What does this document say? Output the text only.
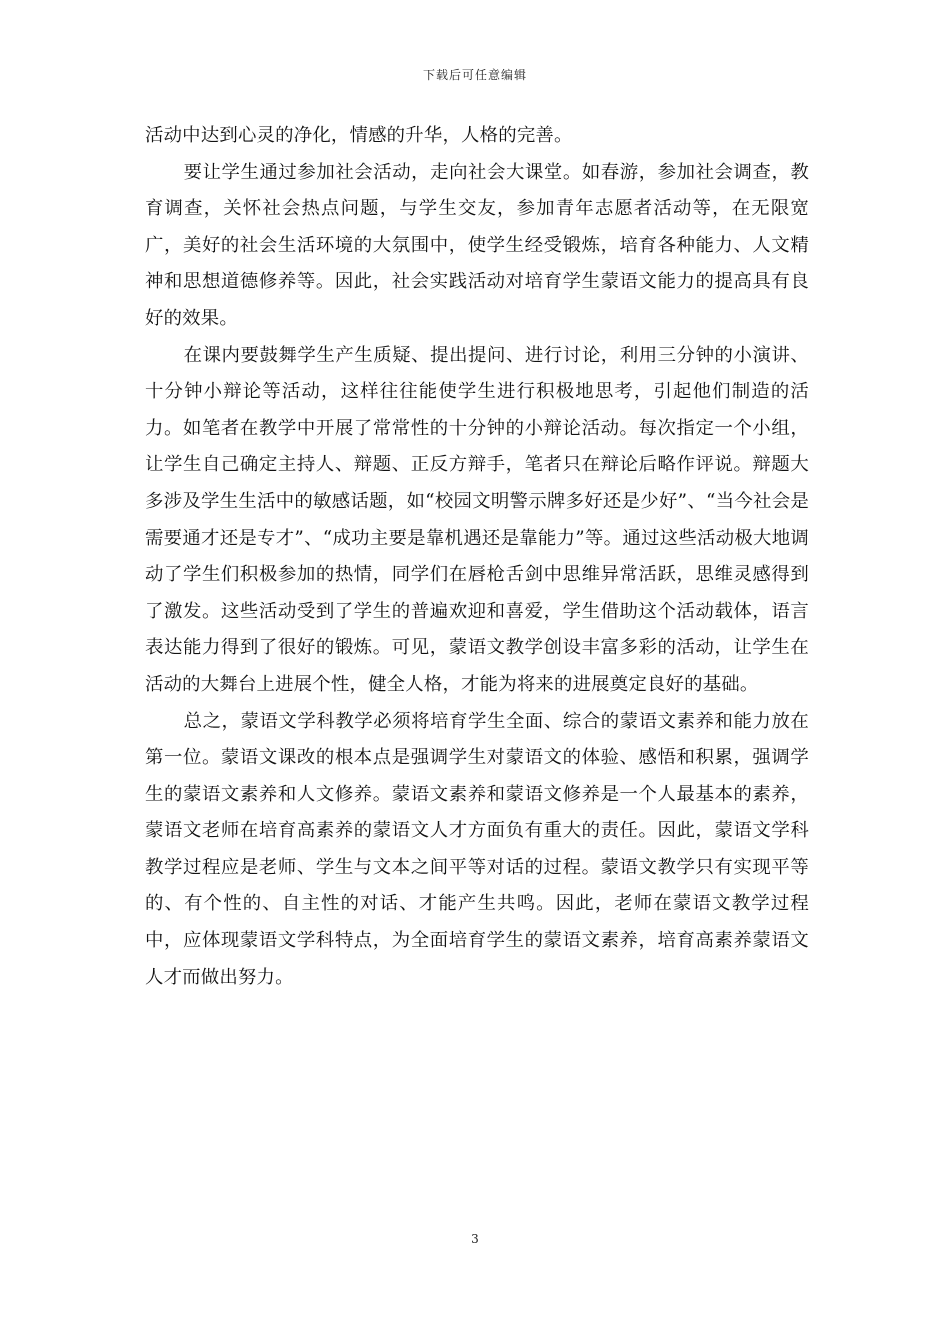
下载后可任意编辑

活动中达到心灵的净化，情感的升华，人格的完善。

要让学生通过参加社会活动，走向社会大课堂。如春游，参加社会调查，教育调查，关怀社会热点问题，与学生交友，参加青年志愿者活动等，在无限宽广，美好的社会生活环境的大氛围中，使学生经受锻炼，培育各种能力、人文精神和思想道德修养等。因此，社会实践活动对培育学生蒙语文能力的提高具有良好的效果。

在课内要鼓舞学生产生质疑、提出提问、进行讨论，利用三分钟的小演讲、十分钟小辩论等活动，这样往往能使学生进行积极地思考，引起他们制造的活力。如笔者在教学中开展了常常性的十分钟的小辩论活动。每次指定一个小组，让学生自己确定主持人、辩题、正反方辩手，笔者只在辩论后略作评说。辩题大多涉及学生生活中的敏感话题，如“校园文明警示牌多好还是少好”、“当今社会是需要通才还是专才”、“成功主要是靠机遇还是靠能力”等。通过这些活动极大地调动了学生们积极参加的热情，同学们在唇枪舌剑中思维异常活跃，思维灵感得到了激发。这些活动受到了学生的普遍欢迎和喜爱，学生借助这个活动载体，语言表达能力得到了很好的锻炼。可见，蒙语文教学创设丰富多彩的活动，让学生在活动的大舞台上进展个性，健全人格，才能为将来的进展奠定良好的基础。

总之，蒙语文学科教学必须将培育学生全面、综合的蒙语文素养和能力放在第一位。蒙语文课改的根本点是强调学生对蒙语文的体验、感悟和积累，强调学生的蒙语文素养和人文修养。蒙语文素养和蒙语文修养是一个人最基本的素养，蒙语文老师在培育高素养的蒙语文人才方面负有重大的责任。因此，蒙语文学科教学过程应是老师、学生与文本之间平等对话的过程。蒙语文教学只有实现平等的、有个性的、自主性的对话、才能产生共鸣。因此，老师在蒙语文教学过程中，应体现蒙语文学科特点，为全面培育学生的蒙语文素养，培育高素养蒙语文人才而做出努力。

3
